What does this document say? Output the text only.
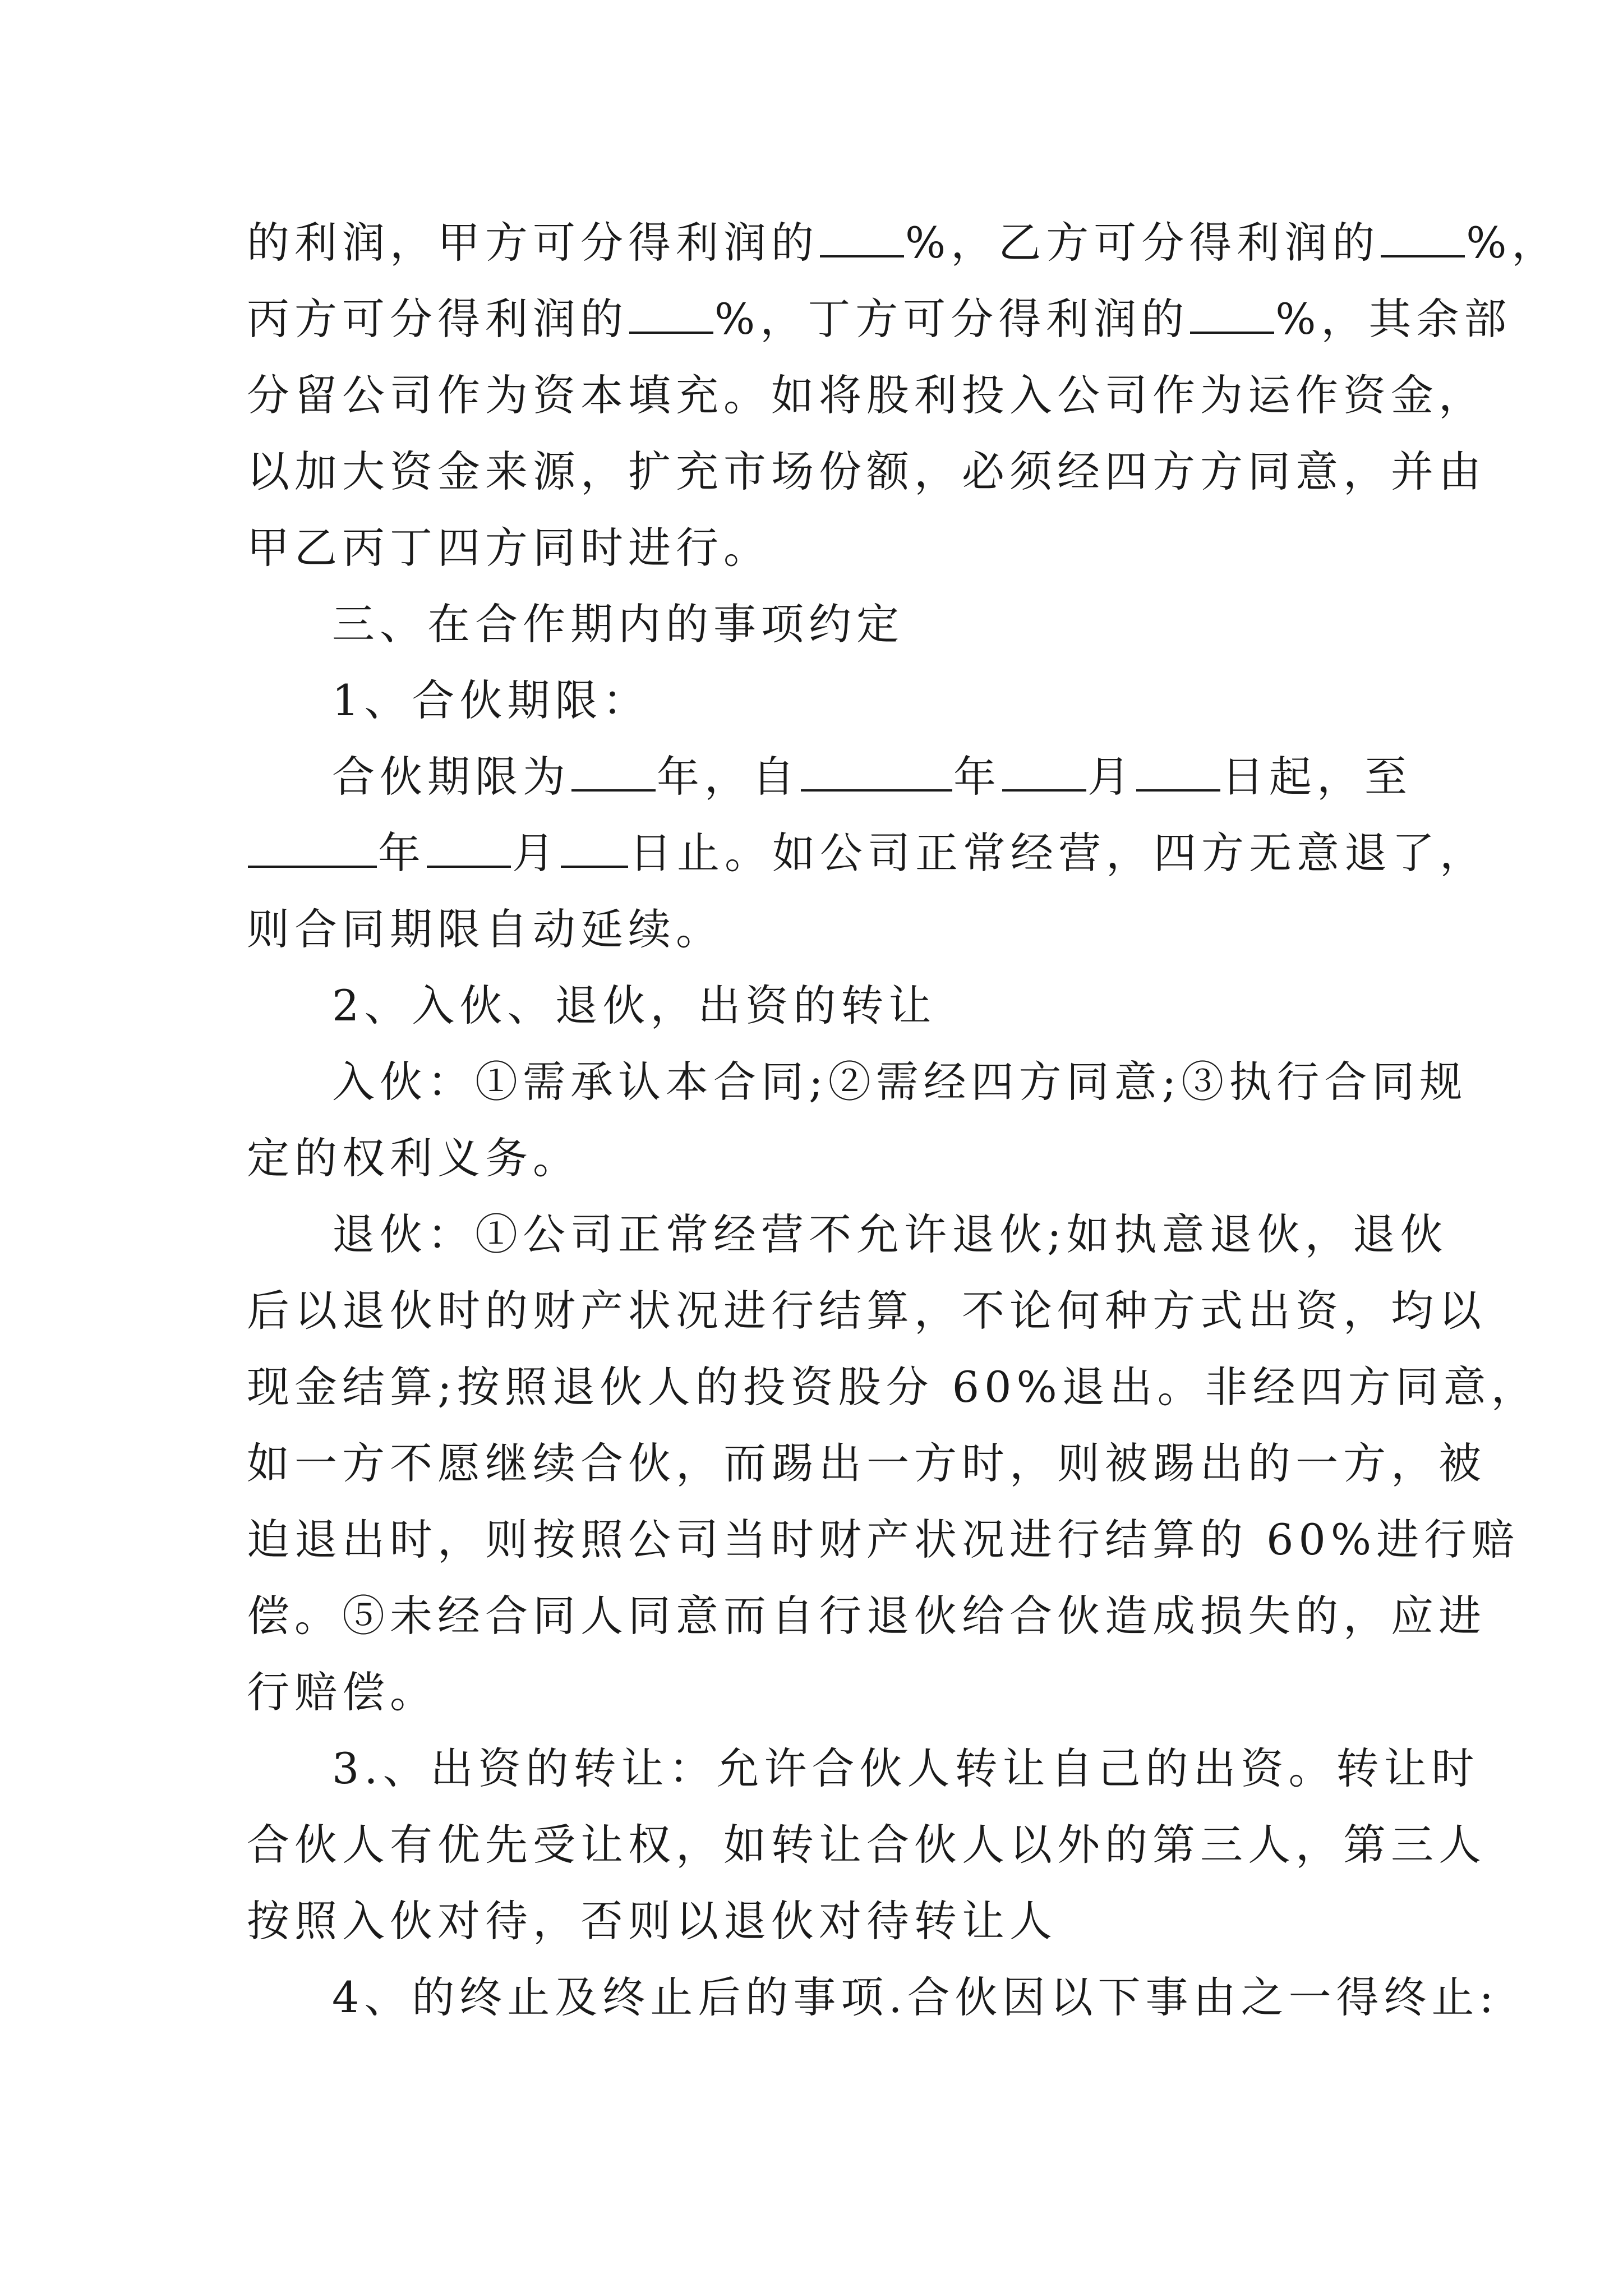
的利润，甲方可分得利润的 %，乙方可分得利润的 %，
丙方可分得利润的 %，丁方可分得利润的 %，其余部
分留公司作为资本填充。如将股利投入公司作为运作资金，
以加大资金来源，扩充市场份额，必须经四方方同意，并由
甲乙丙丁四方同时进行。
三、在合作期内的事项约定
1、合伙期限：
合伙期限为 年，自	年 月 日起，至
年 月 日止。如公司正常经营，四方无意退了，
则合同期限自动延续。
2、入伙、退伙，出资的转让
入伙：①需承认本合同;②需经四方同意;③执行合同规
定的权利义务。
退伙：①公司正常经营不允许退伙;如执意退伙，退伙
后以退伙时的财产状况进行结算，不论何种方式出资，均以
现金结算;按照退伙人的投资股分 60%退出。非经四方同意，
如一方不愿继续合伙，而踢出一方时，则被踢出的一方，被
迫退出时，则按照公司当时财产状况进行结算的 60%进行赔
偿。⑤未经合同人同意而自行退伙给合伙造成损失的，应进
行赔偿。
3.、出资的转让：允许合伙人转让自己的出资。转让时
合伙人有优先受让权，如转让合伙人以外的第三人，第三人
按照入伙对待，否则以退伙对待转让人
4、的终止及终止后的事项.合伙因以下事由之一得终止:
